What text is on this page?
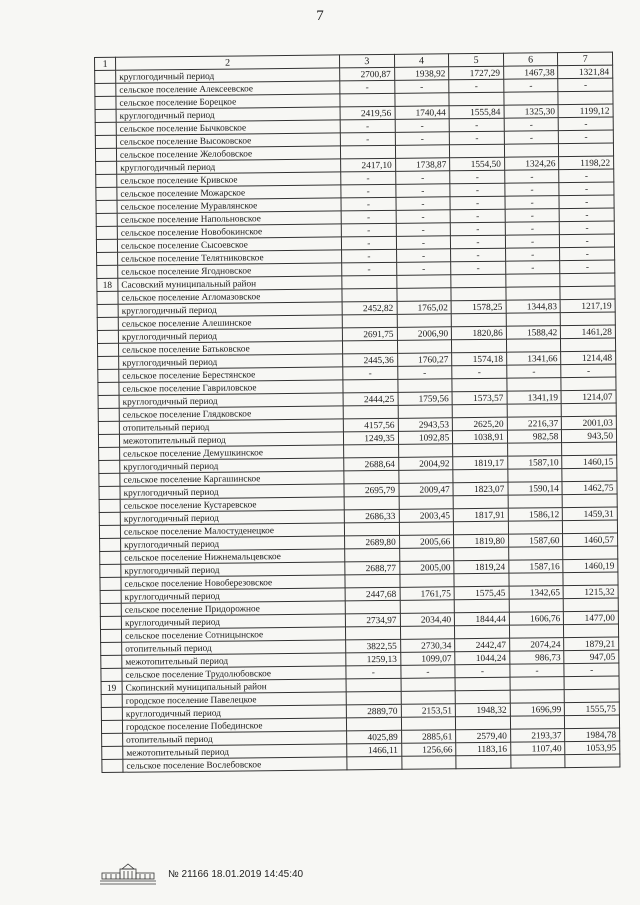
7
1	2	3	4	5	6	7
	круглогодичный период	2700,87	1938,92	1727,29	1467,38	1321,84
	сельское поселение Алексеевское	-	-	-	-	-
	сельское поселение Борецкое					
	круглогодичный период	2419,56	1740,44	1555,84	1325,30	1199,12
	сельское поселение Бычковское	-	-	-	-	-
	сельское поселение Высоковское	-	-	-	-	-
	сельское поселение Желобовское					
	круглогодичный период	2417,10	1738,87	1554,50	1324,26	1198,22
	сельское поселение Кривское	-	-	-	-	-
	сельское поселение Можарское	-	-	-	-	-
	сельское поселение Муравлянское	-	-	-	-	-
	сельское поселение Напольновское	-	-	-	-	-
	сельское поселение Новобокинское	-	-	-	-	-
	сельское поселение Сысоевское	-	-	-	-	-
	сельское поселение Телятниковское	-	-	-	-	-
	сельское поселение Ягодновское	-	-	-	-	-
18	Сасовский муниципальный район					
	сельское поселение Агломазовское					
	круглогодичный период	2452,82	1765,02	1578,25	1344,83	1217,19
	сельское поселение Алешинское					
	круглогодичный период	2691,75	2006,90	1820,86	1588,42	1461,28
	сельское поселение Батьковское					
	круглогодичный период	2445,36	1760,27	1574,18	1341,66	1214,48
	сельское поселение Берестянское	-	-	-	-	-
	сельское поселение Гавриловское					
	круглогодичный период	2444,25	1759,56	1573,57	1341,19	1214,07
	сельское поселение Глядковское					
	отопительный период	4157,56	2943,53	2625,20	2216,37	2001,03
	межотопительный период	1249,35	1092,85	1038,91	982,58	943,50
	сельское поселение Демушкинское					
	круглогодичный период	2688,64	2004,92	1819,17	1587,10	1460,15
	сельское поселение Каргашинское					
	круглогодичный период	2695,79	2009,47	1823,07	1590,14	1462,75
	сельское поселение Кустаревское					
	круглогодичный период	2686,33	2003,45	1817,91	1586,12	1459,31
	сельское поселение Малостуденецкое					
	круглогодичный период	2689,80	2005,66	1819,80	1587,60	1460,57
	сельское поселение Нижнемальцевское					
	круглогодичный период	2688,77	2005,00	1819,24	1587,16	1460,19
	сельское поселение Новоберезовское					
	круглогодичный период	2447,68	1761,75	1575,45	1342,65	1215,32
	сельское поселение Придорожное					
	круглогодичный период	2734,97	2034,40	1844,44	1606,76	1477,00
	сельское поселение Сотницынское					
	отопительный период	3822,55	2730,34	2442,47	2074,24	1879,21
	межотопительный период	1259,13	1099,07	1044,24	986,73	947,05
	сельское поселение Трудолюбовское	-	-	-	-	-
19	Скопинский муниципальный район					
	городское поселение Павелецкое					
	круглогодичный период	2889,70	2153,51	1948,32	1696,99	1555,75
	городское поселение Побединское					
	отопительный период	4025,89	2885,61	2579,40	2193,37	1984,78
	межотопительный период	1466,11	1256,66	1183,16	1107,40	1053,95
	сельское поселение Вослебовское					
№ 21166 18.01.2019 14:45:40
